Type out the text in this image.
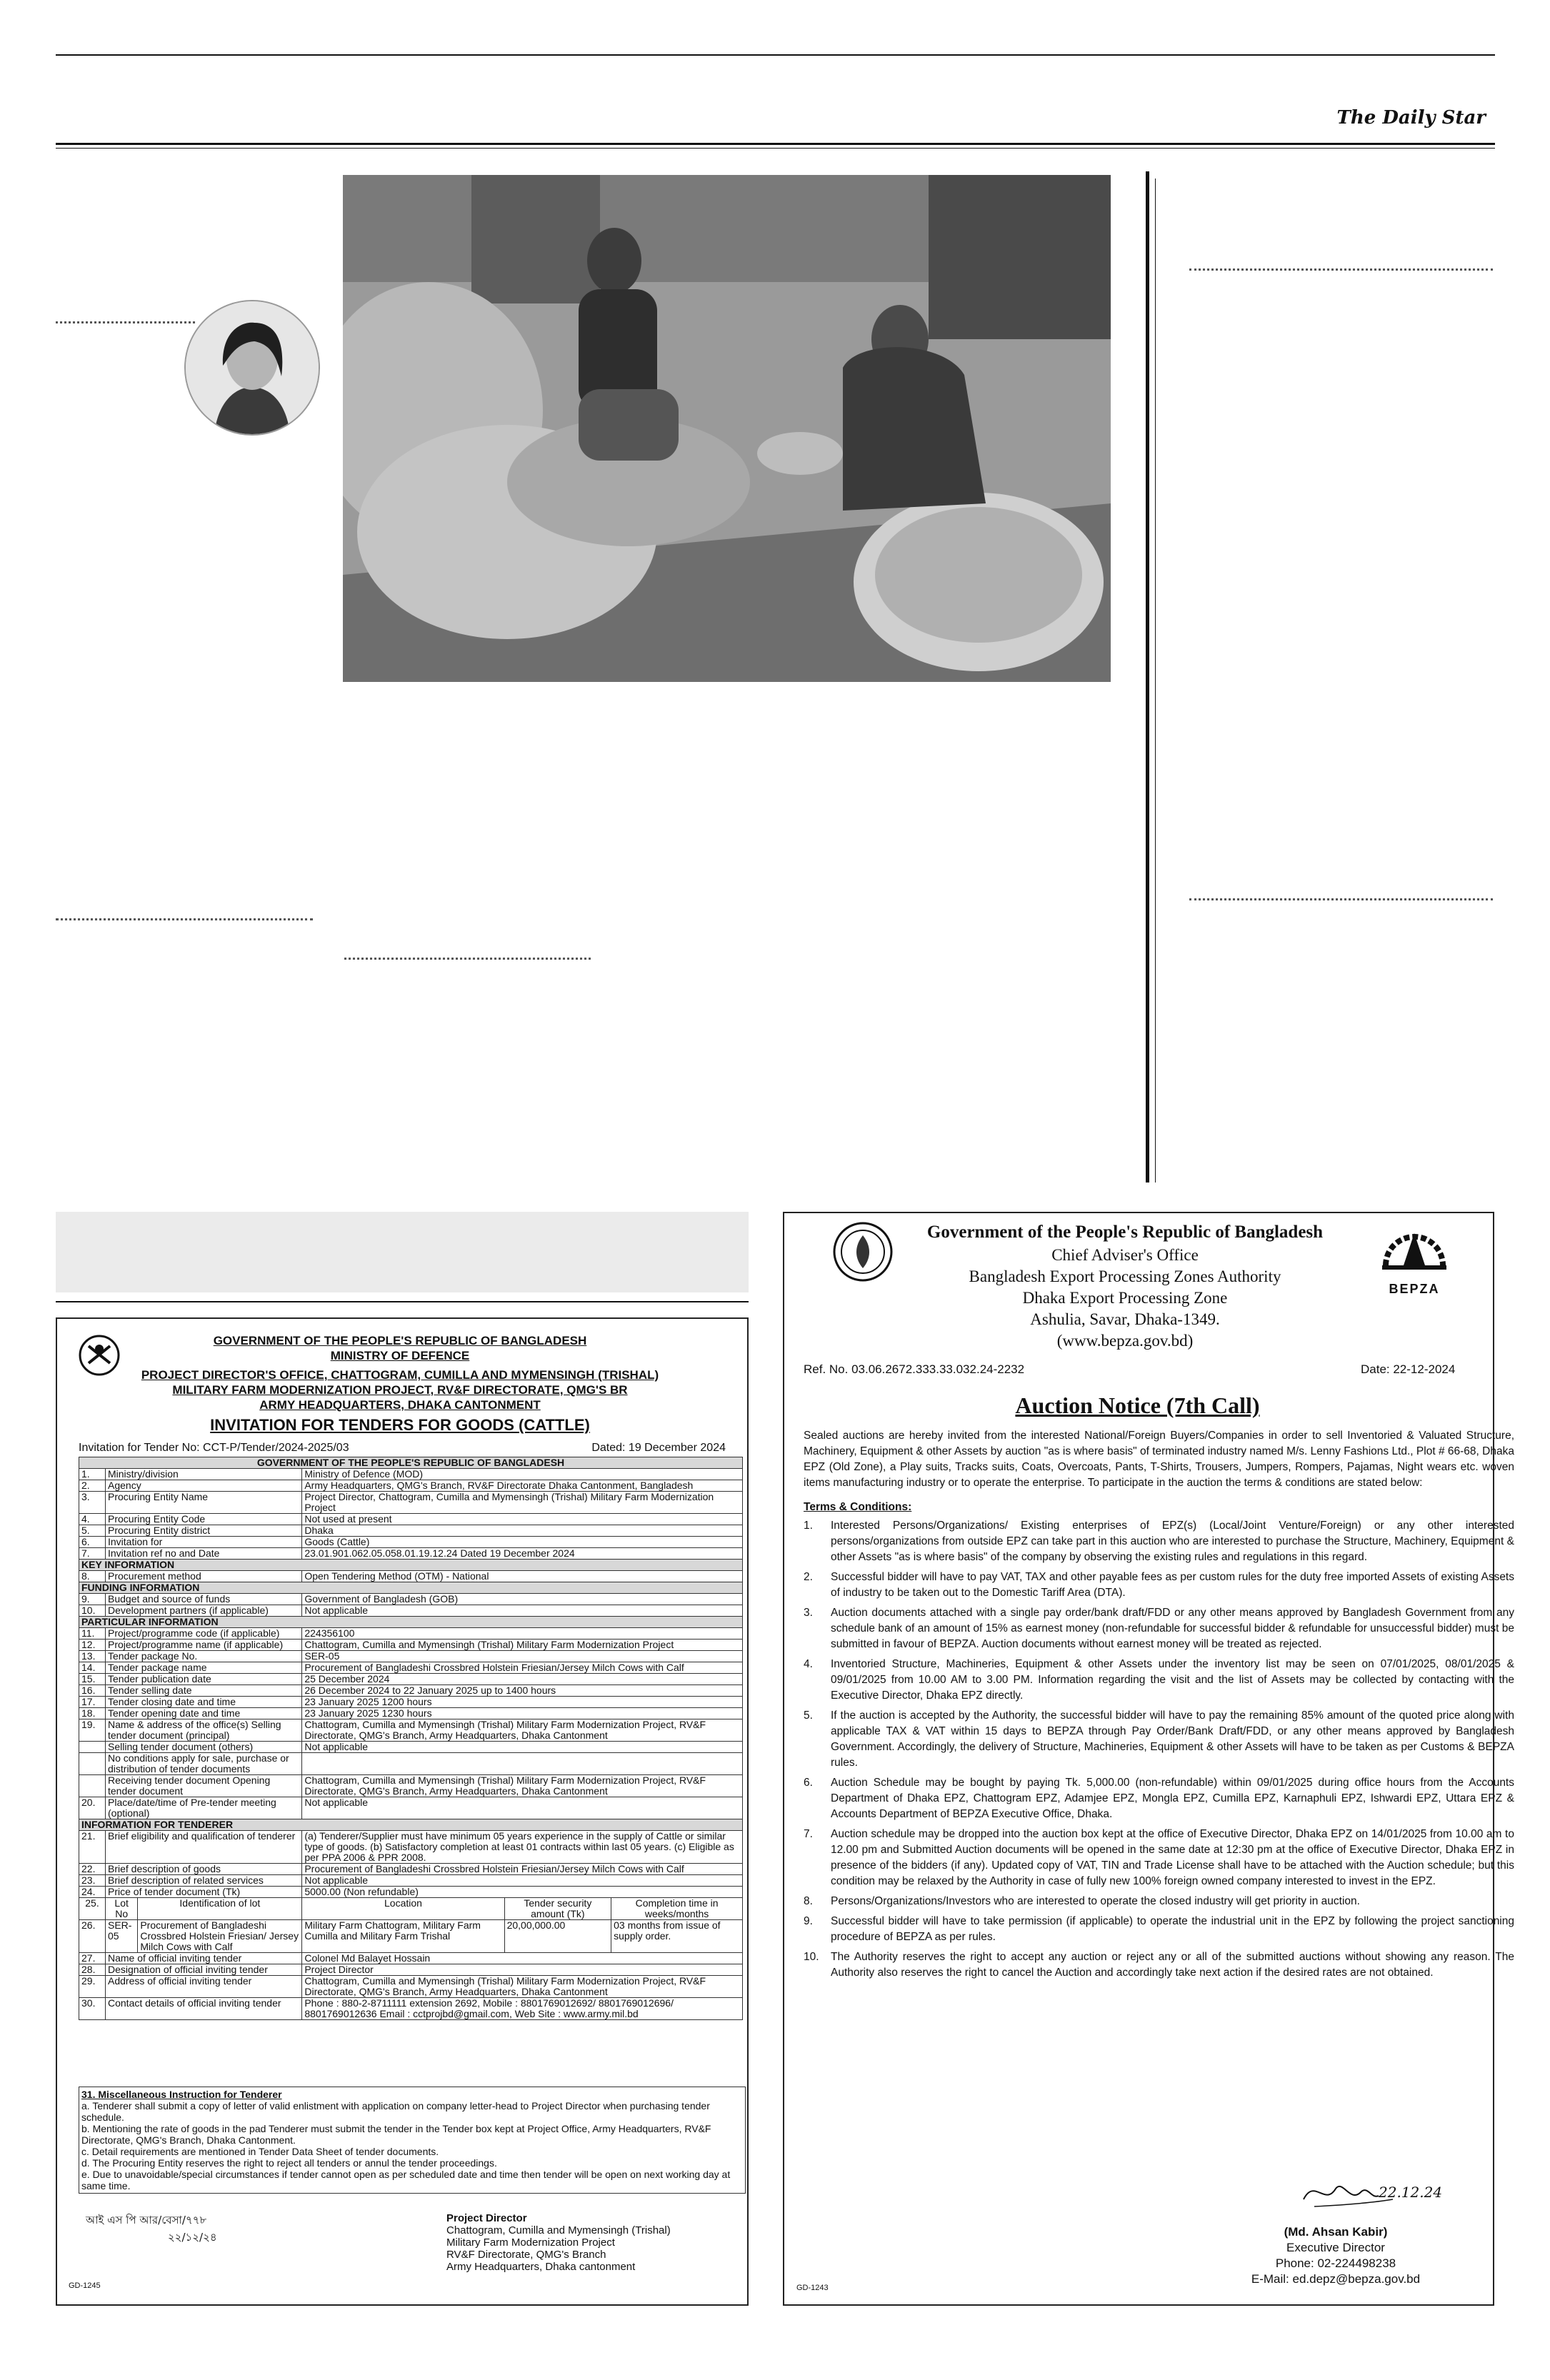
The Daily Star
GOVERNMENT OF THE PEOPLE'S REPUBLIC OF BANGLADESH
MINISTRY OF DEFENCE
PROJECT DIRECTOR'S OFFICE, CHATTOGRAM, CUMILLA AND MYMENSINGH (TRISHAL)
MILITARY FARM MODERNIZATION PROJECT, RV&F DIRECTORATE, QMG'S BR
ARMY HEADQUARTERS, DHAKA CANTONMENT
INVITATION FOR TENDERS FOR GOODS (CATTLE)
Invitation for Tender No: CCT-P/Tender/2024-2025/03	Dated: 19 December 2024
GOVERNMENT OF THE PEOPLE'S REPUBLIC OF BANGLADESH					
1.	Ministry/division		Ministry of Defence (MOD)		
2.	Agency		Army Headquarters, QMG's Branch, RV&F Directorate Dhaka Cantonment, Bangladesh		
3.	Procuring Entity Name		Project Director, Chattogram, Cumilla and Mymensingh (Trishal) Military Farm Modernization Project		
4.	Procuring Entity Code		Not used at present		
5.	Procuring Entity district		Dhaka		
6.	Invitation for		Goods (Cattle)		
7.	Invitation ref no and Date		23.01.901.062.05.058.01.19.12.24 Dated 19 December 2024		
KEY INFORMATION					
8.	Procurement method		Open Tendering Method (OTM) - National		
FUNDING INFORMATION					
9.	Budget and source of funds		Government of Bangladesh (GOB)		
10.	Development partners (if applicable)		Not applicable		
PARTICULAR INFORMATION					
11.	Project/programme code (if applicable)		224356100		
12.	Project/programme name (if applicable)		Chattogram, Cumilla and Mymensingh (Trishal) Military Farm Modernization Project		
13.	Tender package No.		SER-05		
14.	Tender package name		Procurement of Bangladeshi Crossbred Holstein Friesian/Jersey Milch Cows with Calf		
15.	Tender publication date		25 December 2024		
16.	Tender selling date		26 December 2024 to 22 January 2025 up to 1400 hours		
17.	Tender closing date and time		23 January 2025 1200 hours		
18.	Tender opening date and time		23 January 2025 1230 hours		
19.	Name & address of the office(s) Selling tender document (principal)		Chattogram, Cumilla and Mymensingh (Trishal) Military Farm Modernization Project, RV&F Directorate, QMG's Branch, Army Headquarters, Dhaka Cantonment		
	Selling tender document (others)		Not applicable		
	No conditions apply for sale, purchase or distribution of tender documents				
	Receiving tender document Opening tender document		Chattogram, Cumilla and Mymensingh (Trishal) Military Farm Modernization Project, RV&F Directorate, QMG's Branch, Army Headquarters, Dhaka Cantonment		
20.	Place/date/time of Pre-tender meeting (optional)		Not applicable		
INFORMATION FOR TENDERER					
21.	Brief eligibility and qualification of tenderer		(a) Tenderer/Supplier must have minimum 05 years experience in the supply of Cattle or similar type of goods. (b) Satisfactory completion at least 01 contracts within last 05 years. (c) Eligible as per PPA 2006 & PPR 2008.		
22.	Brief description of goods		Procurement of Bangladeshi Crossbred Holstein Friesian/Jersey Milch Cows with Calf		
23.	Brief description of related services		Not applicable		
24.	Price of tender document (Tk)		5000.00 (Non refundable)		
25.	Lot No	Identification of lot	Location	Tender security amount (Tk)	Completion time in weeks/months
26.	SER-05	Procurement of Bangladeshi Crossbred Holstein Friesian/ Jersey Milch Cows with Calf	Military Farm Chattogram, Military Farm Cumilla and Military Farm Trishal	20,00,000.00	03 months from issue of supply order.
27.	Name of official inviting tender		Colonel Md Balayet Hossain		
28.	Designation of official inviting tender		Project Director		
29.	Address of official inviting tender		Chattogram, Cumilla and Mymensingh (Trishal) Military Farm Modernization Project, RV&F Directorate, QMG's Branch, Army Headquarters, Dhaka Cantonment		
30.	Contact details of official inviting tender		Phone : 880-2-8711111 extension 2692, Mobile : 8801769012692/ 8801769012696/ 8801769012636 Email : cctprojbd@gmail.com, Web Site : www.army.mil.bd		
31. Miscellaneous Instruction for Tenderer
a. Tenderer shall submit a copy of letter of valid enlistment with application on company letter-head to Project Director when purchasing tender schedule.
b. Mentioning the rate of goods in the pad Tenderer must submit the tender in the Tender box kept at Project Office, Army Headquarters, RV&F Directorate, QMG's Branch, Dhaka Cantonment.
c. Detail requirements are mentioned in Tender Data Sheet of tender documents.
d. The Procuring Entity reserves the right to reject all tenders or annul the tender proceedings.
e. Due to unavoidable/special circumstances if tender cannot open as per scheduled date and time then tender will be open on next working day at same time.
আই এস পি আর/বেসা/৭৭৮
২২/১২/২৪
GD-1245
Project Director
Chattogram, Cumilla and Mymensingh (Trishal)
Military Farm Modernization Project
RV&F Directorate, QMG's Branch
Army Headquarters, Dhaka cantonment
BEPZA
Government of the People's Republic of Bangladesh
Chief Adviser's Office
Bangladesh Export Processing Zones Authority
Dhaka Export Processing Zone
Ashulia, Savar, Dhaka-1349.
(www.bepza.gov.bd)
Ref. No. 03.06.2672.333.33.032.24-2232	Date: 22-12-2024
Auction Notice (7th Call)
Sealed auctions are hereby invited from the interested National/Foreign Buyers/Companies in order to sell Inventoried & Valuated Structure, Machinery, Equipment & other Assets by auction "as is where basis" of terminated industry named M/s. Lenny Fashions Ltd., Plot # 66-68, Dhaka EPZ (Old Zone), a Play suits, Tracks suits, Coats, Overcoats, Pants, T-Shirts, Trousers, Jumpers, Rompers, Pajamas, Night wears etc. woven items manufacturing industry or to operate the enterprise. To participate in the auction the terms & conditions are stated below:
Terms & Conditions:
1. Interested Persons/Organizations/ Existing enterprises of EPZ(s) (Local/Joint Venture/Foreign) or any other interested persons/organizations from outside EPZ can take part in this auction who are interested to purchase the Structure, Machinery, Equipment & other Assets "as is where basis" of the company by observing the existing rules and regulations in this regard.
2. Successful bidder will have to pay VAT, TAX and other payable fees as per custom rules for the duty free imported Assets of existing Assets of industry to be taken out to the Domestic Tariff Area (DTA).
3. Auction documents attached with a single pay order/bank draft/FDD or any other means approved by Bangladesh Government from any schedule bank of an amount of 15% as earnest money (non-refundable for successful bidder & refundable for unsuccessful bidder) must be submitted in favour of BEPZA. Auction documents without earnest money will be treated as rejected.
4. Inventoried Structure, Machineries, Equipment & other Assets under the inventory list may be seen on 07/01/2025, 08/01/2025 & 09/01/2025 from 10.00 AM to 3.00 PM. Information regarding the visit and the list of Assets may be collected by contacting with the Executive Director, Dhaka EPZ directly.
5. If the auction is accepted by the Authority, the successful bidder will have to pay the remaining 85% amount of the quoted price along with applicable TAX & VAT within 15 days to BEPZA through Pay Order/Bank Draft/FDD, or any other means approved by Bangladesh Government. Accordingly, the delivery of Structure, Machineries, Equipment & other Assets will have to be taken as per Customs & BEPZA rules.
6. Auction Schedule may be bought by paying Tk. 5,000.00 (non-refundable) within 09/01/2025 during office hours from the Accounts Department of Dhaka EPZ, Chattogram EPZ, Adamjee EPZ, Mongla EPZ, Cumilla EPZ, Karnaphuli EPZ, Ishwardi EPZ, Uttara EPZ & Accounts Department of BEPZA Executive Office, Dhaka.
7. Auction schedule may be dropped into the auction box kept at the office of Executive Director, Dhaka EPZ on 14/01/2025 from 10.00 am to 12.00 pm and Submitted Auction documents will be opened in the same date at 12:30 pm at the office of Executive Director, Dhaka EPZ in presence of the bidders (if any). Updated copy of VAT, TIN and Trade License shall have to be attached with the Auction schedule; but this condition may be relaxed by the Authority in case of fully new 100% foreign owned company interested to invest in the EPZ.
8. Persons/Organizations/Investors who are interested to operate the closed industry will get priority in auction.
9. Successful bidder will have to take permission (if applicable) to operate the industrial unit in the EPZ by following the project sanctioning procedure of BEPZA as per rules.
10. The Authority reserves the right to accept any auction or reject any or all of the submitted auctions without showing any reason. The Authority also reserves the right to cancel the Auction and accordingly take next action if the desired rates are not obtained.
22.12.24
(Md. Ahsan Kabir)
Executive Director
Phone: 02-224498238
E-Mail: ed.depz@bepza.gov.bd
GD-1243
